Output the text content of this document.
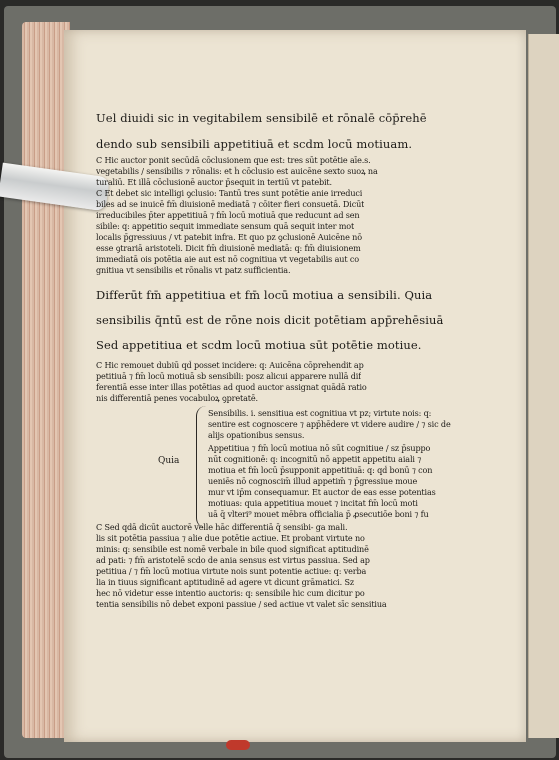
Uel diuidi sic in vegitabilem sensibilē et rōnalē cōp̄rehē
dendo sub sensibili appetitiuā et scdm locū motiuam.
C Hic auctor ponit secūdā cōclusionem que est: tres sūt potētie aīe.s.
vegetabilis / sensibilis ⁊ rōnalis: et h̄ cōclusio est auicēne sexto suoꝝ na
turaliū. Et illā cōclusionē auctor p̄sequit in tertiū vt patebit.
C Et debet sic intelligi ꝯclusio: Tantū tres sunt potētie anie irreduci
biles ad se inuicē fm̄ diuisionē mediatā ⁊ cōiter fieri consuetā. Dicūt
irreducibiles p̄ter appetitiuā ⁊ fm̄ locū motiuā que reducunt ad sen
sibile: q: appetitio sequit immediate sensum quā sequit̄ inter mot
localis p̄gressiuus / vt patebit infra. Et quo pz ꝯclusionē Auicēne nō
esse ꝯtrariā aristoteli. Dicit fm̄ diuisionē mediatā: q: fm̄ diuisionem
immediatā ois potētia aie aut est nō cognitiua vt vegetabilis aut co
gnitiua vt sensibilis et rōnalis vt patz sufficientia.
Differūt fm̄ appetitiua et fm̄ locū motiua a sensibili. Quia
sensibilis q̄ntū est de rōne nois dicit potētiam app̄rehēsiuā
Sed appetitiua et scdm locū motiua sūt potētie motiue.
C Hic remouet dubiū qd̄ posset incidere: q: Auicēna cōprehendit ap
petitiuā ⁊ fm̄ locū motiuā sb sensibili: posz alicui apparere nullā dif
ferentiā esse inter illas potētias ad quod auctor assignat quādā ratio
nis differentiā penes vocabuloꝝ ꝯpretatē.
Sensibilis. i. sensitiua est cognitiua vt pz; virtute nois: q:
sentire est cognoscere ⁊ app̄hēdere vt videre audire / ⁊ sic de
alijs opationibus sensus.
Appetitiua ⁊ fm̄ locū motiua nō sūt cognitiue / sz p̄suppo
nūt cognitionē: q: incognitū nō appetit appetitu aiali ⁊
motiua et fm̄ locū p̄supponit appetitiuā: q: qd̄ bonū ⁊ con
ueniēs nō cognoscim̄ illud appetim̄ ⁊ p̄gressiue moue
mur vt ip̄m consequamur. Et auctor de eas esse potentias
motiuas: quia appetitiua mouet ⁊ incitat fm̄ locū moti
uā q̄ vlteri⁹ mouet mēbra officialia p̄ ꝓsecutiōe boni ⁊ fu
C Sed qdā dicūt auctorē velle hāc differentiā q̄ sensibi- ga mali.
lis sit potētia passiua ⁊ alie due potētie actiue. Et probant virtute no
minis: q: sensibile est nomē verbale in bile quod significat aptitudinē
ad pati: ⁊ fm̄ aristotelē scdo de ania sensus est virtus passiua. Sed ap
petitiua / ⁊ fm̄ locū motiua virtute nois sunt potentie actiue: q: verba
lia in tiuus significant aptitudinē ad agere vt dicunt grāmatici. Sz
hec nō videtur esse intentio auctoris: q: sensibile hic cum dicitur po
tentia sensibilis nō debet exponi passiue / sed actiue vt valet sīc sensitiua
Quia
